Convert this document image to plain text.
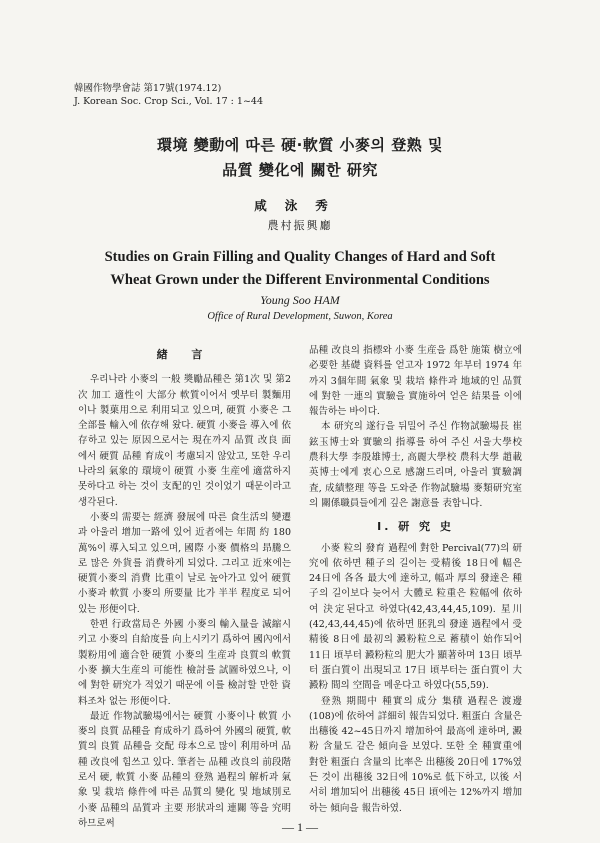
韓國作物學會誌 第17號(1974.12)
J. Korean Soc. Crop Sci., Vol. 17 : 1~44
環境 變動에 따른 硬·軟質 小麥의 登熟 및
品質 變化에 關한 研究
咸泳秀
農村振興廳
Studies on Grain Filling and Quality Changes of Hard and Soft
Wheat Grown under the Different Environmental Conditions
Young Soo HAM
Office of Rural Development, Suwon, Korea
緖 言

우리나라 小麥의 一般 奬勵品種은 第1次 및 第2次 加工 適性이 大部分 軟質이어서 옛부터 製麵用이나 製菓用으로 利用되고 있으며, 硬質 小麥은 그 全部를 輸入에 依存해 왔다. 硬質 小麥을 導入에 依存하고 있는 原因으로서는 現在까지 品質 改良 面에서 硬質 品種 育成이 考慮되지 않았고, 또한 우리나라의 氣象的 環境이 硬質 小麥 生産에 適當하지 못하다고 하는 것이 支配的인 것이었기 때문이라고 생각된다.

小麥의 需要는 經濟 發展에 따른 食生活의 變遷과 아울러 增加一路에 있어 近者에는 年間 約 180萬%이 導入되고 있으며, 國際 小麥 價格의 昻騰으로 많은 外貨를 消費하게 되었다. 그리고 近來에는 硬質小麥의 消費 比重이 날로 높아가고 있어 硬質 小麥과 軟質 小麥의 所要量 比가 半半 程度로 되어있는 形便이다.

한편 行政當局은 外國 小麥의 輸入量을 減縮시키고 小麥의 自給度를 向上시키기 爲하여 國內에서 製粉用에 適合한 硬質 小麥의 生産과 良質의 軟質小麥 擴大生産의 可能性 檢討를 試圖하였으나, 이에 對한 研究가 적었기 때문에 이를 檢討할 만한 資料조차 없는 形便이다.

最近 作物試驗場에서는 硬質 小麥이나 軟質 小麥의 良質 品種을 育成하기 爲하여 外國의 硬質, 軟質의 良質 品種을 交配 母本으로 많이 利用하며 品種 改良에 힘쓰고 있다. 筆者는 品種 改良의 前段階로서 硬, 軟質 小麥 品種의 登熟 過程의 解析과 氣象 및 栽培 條件에 따른 品質의 變化 및 地域別로 小麥 品種의 品質과 主要 形狀과의 連關 等을 究明하므로써

品種 改良의 指標와 小麥 生産을 爲한 施策 樹立에 必要한 基礎 資料를 얻고자 1972 年부터 1974 年까지 3個年間 氣象 및 栽培 條件과 地域的인 品質에 對한 一連의 實驗을 實施하여 얻은 結果를 이에 報告하는 바이다.

本 研究의 遂行을 뒤밀어 주신 作物試驗場長 崔鉉玉博士와 實驗의 指導를 하여 주신 서울大學校 農科大學 李殷雄博士, 高麗大學校 農科大學 趙載英博士에게 衷心으로 感謝드리며, 아울러 實驗調査, 成績整理 等을 도와준 作物試驗場 麥類研究室의 關係職員들에게 깊은 謝意를 表합니다.

I. 研 究 史

小麥 粒의 發育 過程에 對한 Percival(77)의 研究에 依하면 種子의 길이는 受精後 18日에 幅은 24日에 各各 最大에 達하고, 幅과 厚의 發達은 種子의 길이보다 늦어서 大體로 粒重은 粒幅에 依하여 決定된다고 하였다(42,43,44,45,109). 星川(42,43,44,45)에 依하면 胚乳의 發達 過程에서 受精後 8日에 最初의 澱粉粒으로 蓄積이 始作되어 11日 頃부터 澱粉粒의 肥大가 顯著하며 13日 頃부터 蛋白質이 出現되고 17日 頃부터는 蛋白質이 大澱粉 間의 空間을 메운다고 하였다(55,59).

登熟 期間中 種實의 成分 集積 過程은 渡邊(108)에 依하여 詳細히 報告되었다. 粗蛋白 含量은 出穗後 42~45日까지 增加하여 最高에 達하며, 澱粉 含量도 같은 傾向을 보였다. 또한 全 種實重에 對한 粗蛋白 含量의 比率은 出穗後 20日에 17%였든 것이 出穗後 32日에 10%로 低下하고, 以後 서서히 增加되어 出穗後 45日 頃에는 12%까지 增加하는 傾向을 報告하였.

— 1 —
